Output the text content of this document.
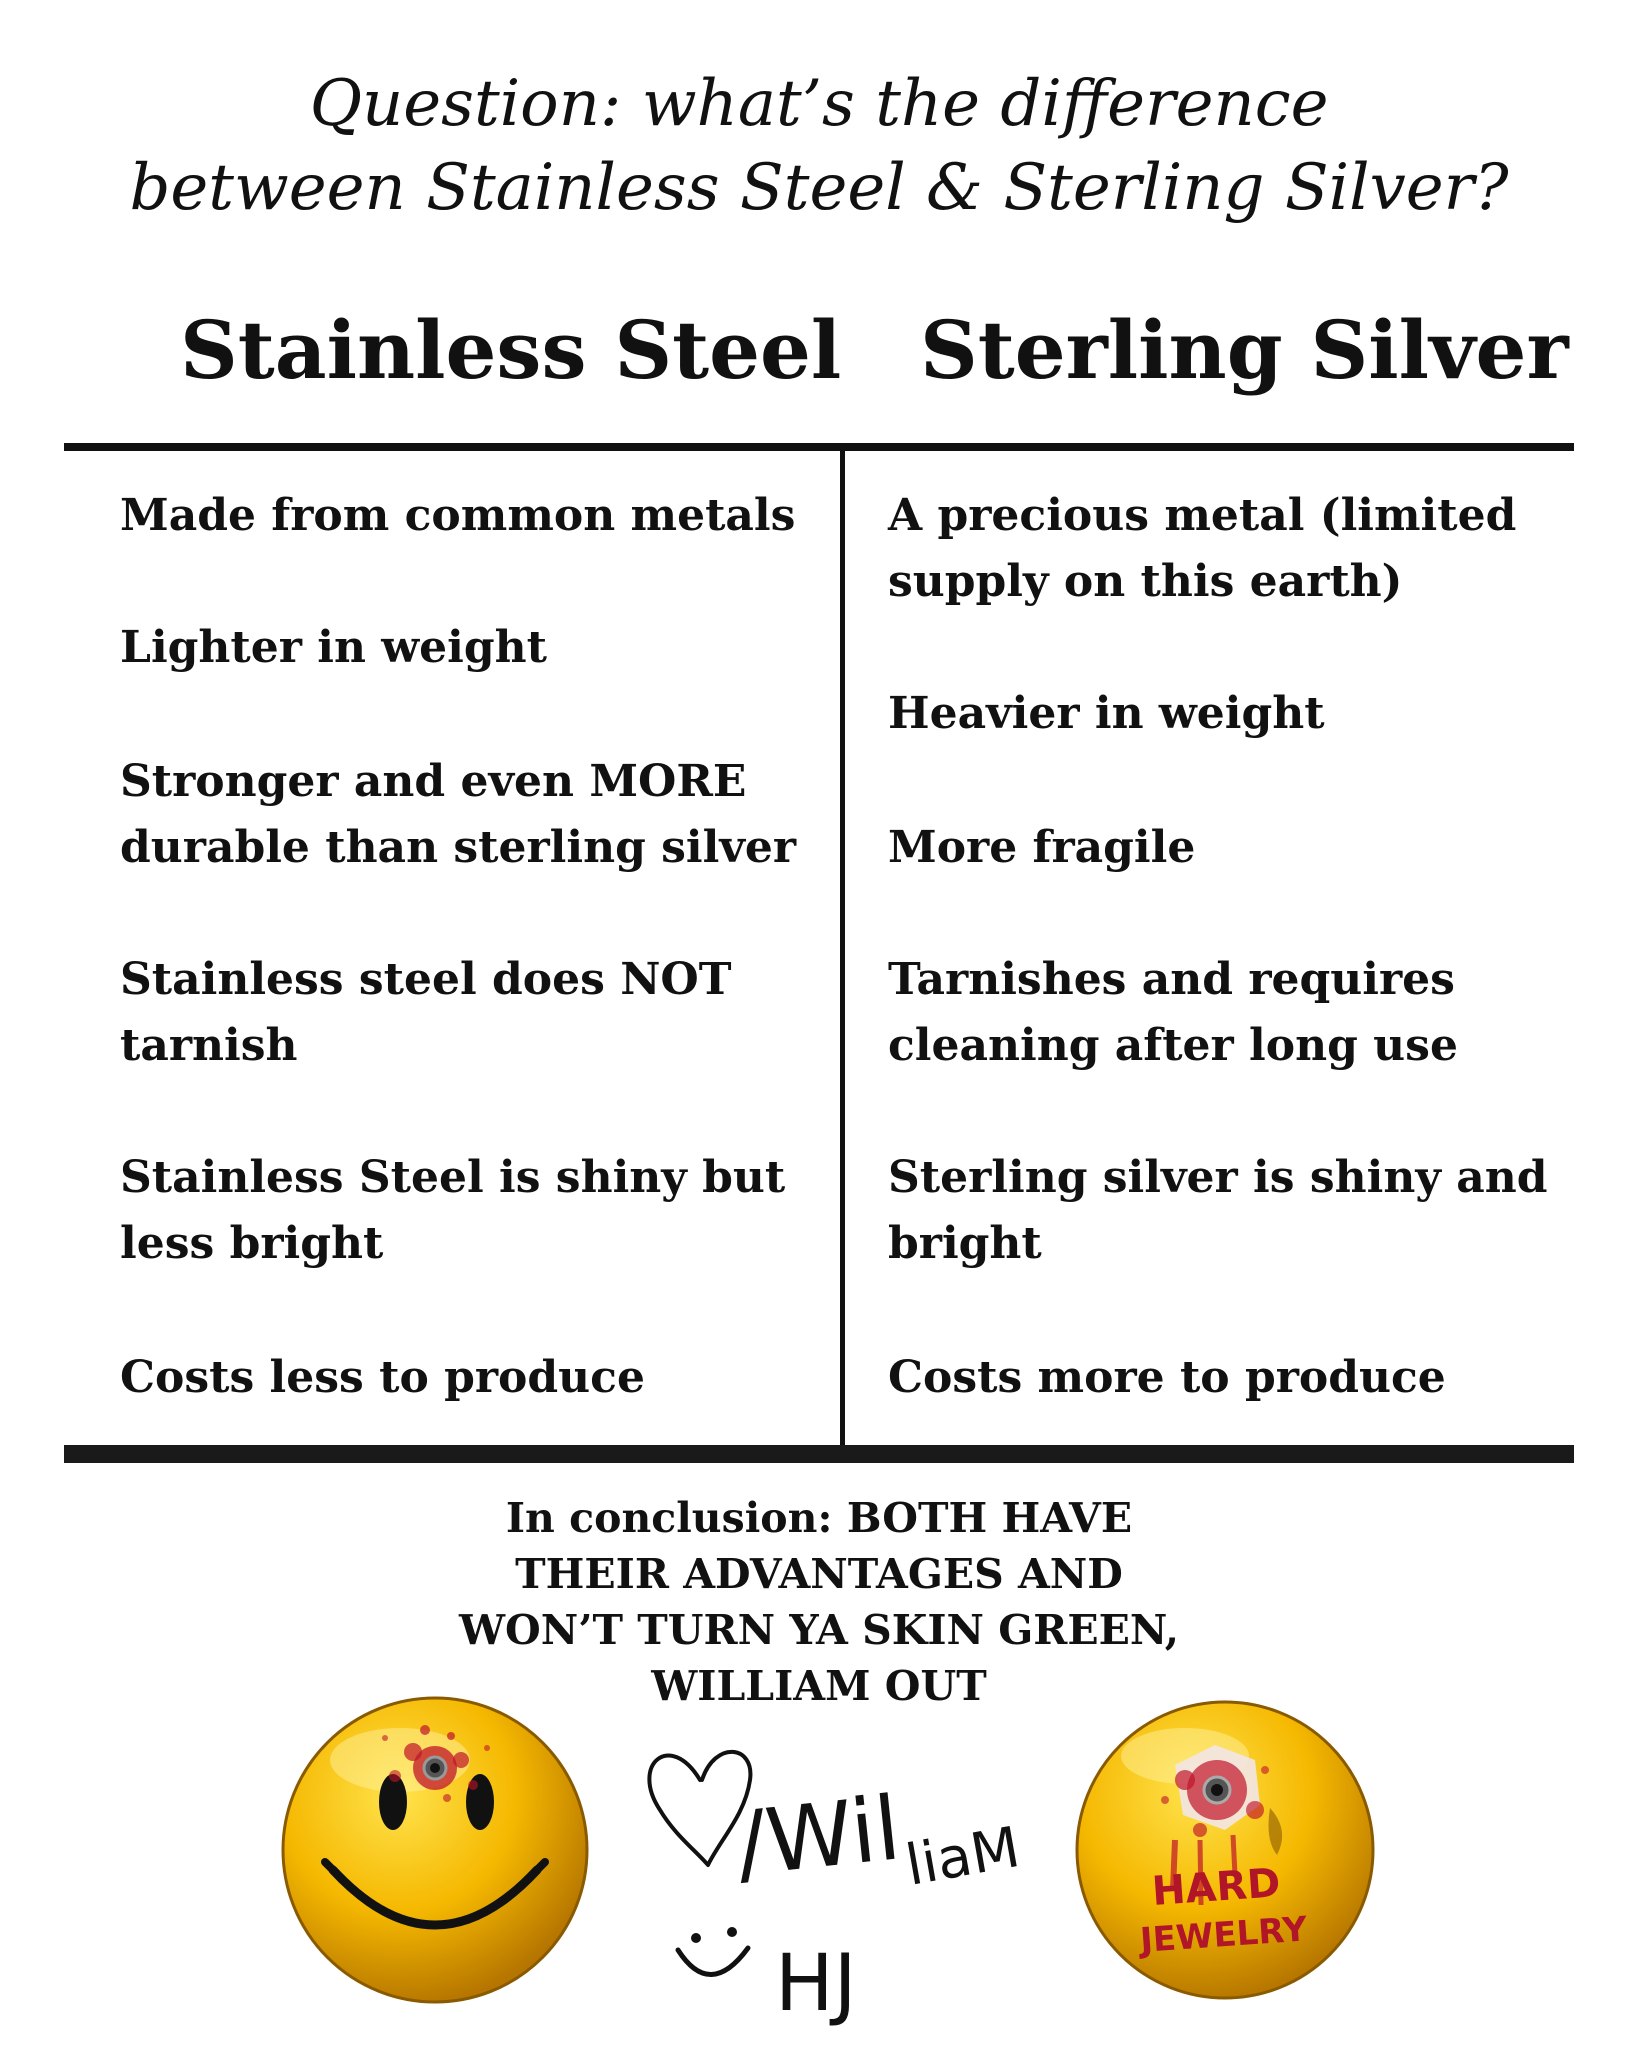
Question: what’s the difference
between Stainless Steel & Sterling Silver?
Stainless Steel Sterling Silver
Made from common metals
Lighter in weight
Stronger and even MORE
durable than sterling silver
Stainless steel does NOT
tarnish
Stainless Steel is shiny but
less bright
Costs less to produce
A precious metal (limited
supply on this earth)
Heavier in weight
More fragile
Tarnishes and requires
cleaning after long use
Sterling silver is shiny and
bright
Costs more to produce
In conclusion: BOTH HAVE
THEIR ADVANTAGES AND
WON’T TURN YA SKIN GREEN,
WILLIAM OUT
/Wil
liaM
HJ
HARD
JEWELRY
